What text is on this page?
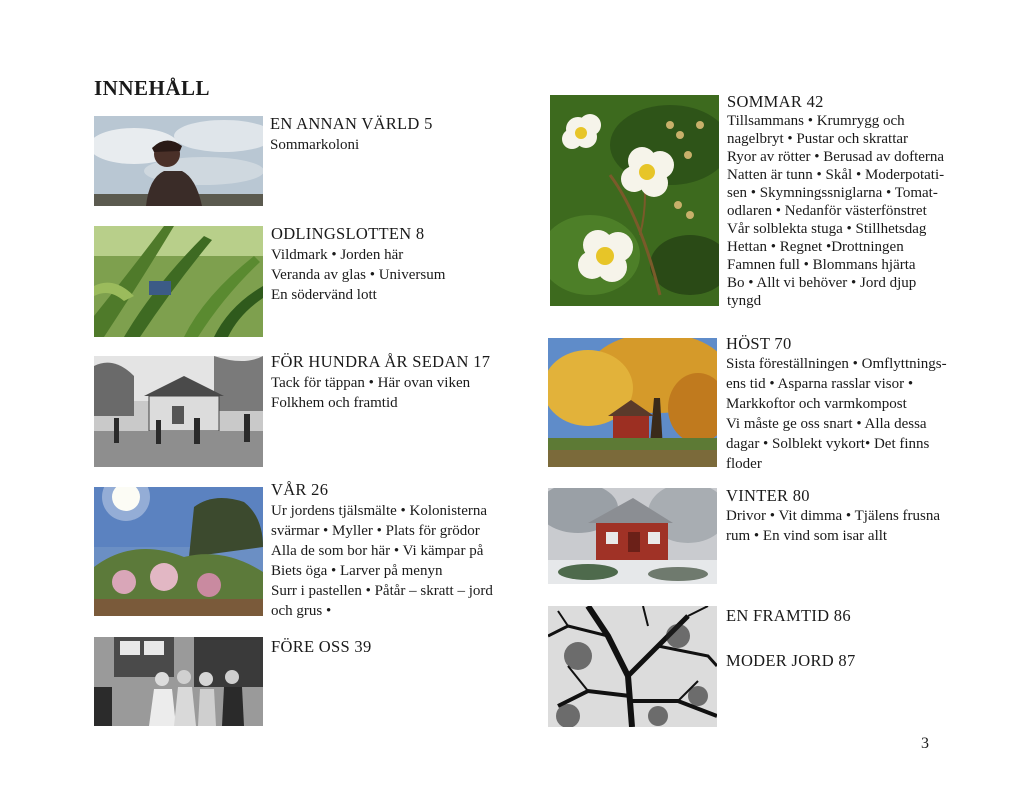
INNEHÅLL
EN ANNAN VÄRLD 5
Sommarkoloni
ODLINGSLOTTEN 8
Vildmark • Jorden här
Veranda av glas • Universum
En södervänd lott
FÖR HUNDRA ÅR SEDAN 17
Tack för täppan • Här ovan viken
Folkhem och framtid
VÅR 26
Ur jordens tjälsmälte • Kolonisterna
svärmar • Myller • Plats för grödor
Alla de som bor här • Vi kämpar på
Biets öga • Larver på menyn
Surr i pastellen • Påtår – skratt – jord
och grus •
FÖRE OSS 39
SOMMAR 42
Tillsammans • Krumrygg och
nagelbryt • Pustar och skrattar
Ryor av rötter • Berusad av dofterna
Natten är tunn • Skål • Moderpotati-
sen • Skymningssniglarna • Tomat-
odlaren • Nedanför västerfönstret
Vår solblekta stuga • Stillhetsdag
Hettan • Regnet •Drottningen
Famnen full • Blommans hjärta
Bo • Allt vi behöver • Jord djup
tyngd
HÖST 70
Sista föreställningen • Omflyttnings-
ens tid • Asparna rasslar visor •
Markkoftor och varmkompost
Vi måste ge oss snart • Alla dessa
dagar • Solblekt vykort• Det finns
floder
VINTER 80
Drivor • Vit dimma • Tjälens frusna
rum • En vind som isar allt
EN FRAMTID 86
MODER JORD 87
3
